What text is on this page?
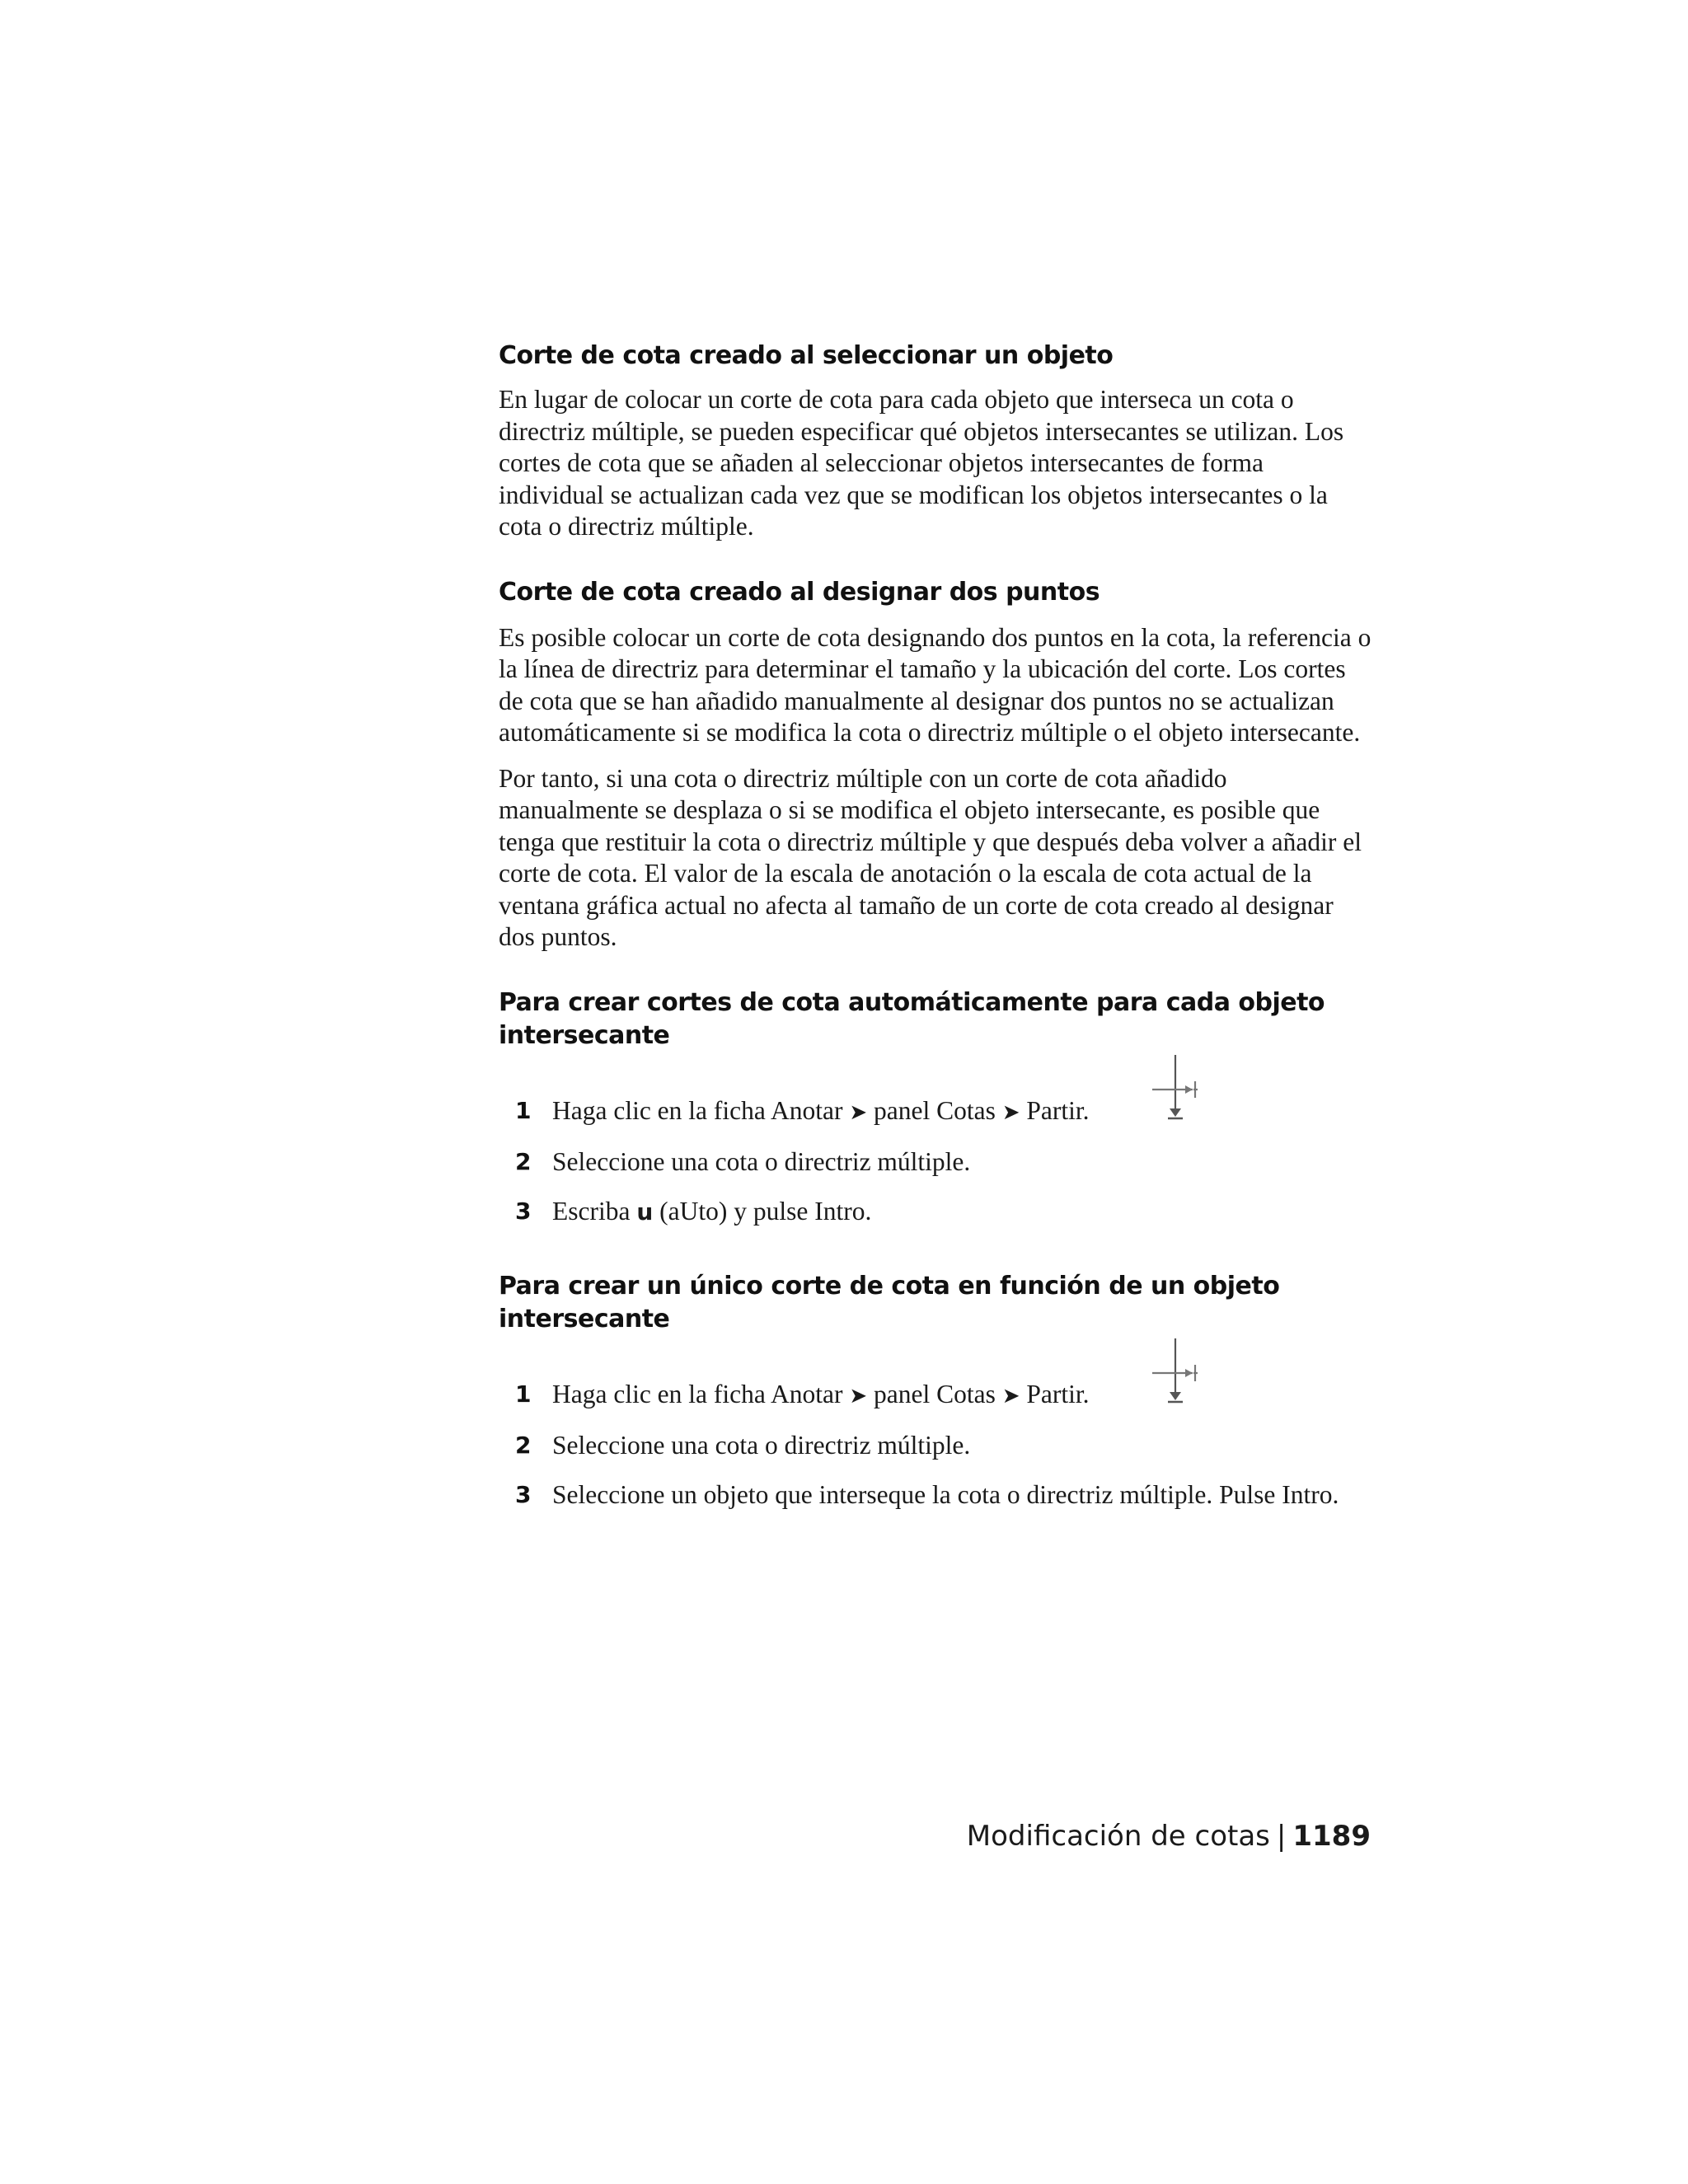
Corte de cota creado al seleccionar un objeto

En lugar de colocar un corte de cota para cada objeto que interseca un cota o directriz múltiple, se pueden especificar qué objetos intersecantes se utilizan. Los cortes de cota que se añaden al seleccionar objetos intersecantes de forma individual se actualizan cada vez que se modifican los objetos intersecantes o la cota o directriz múltiple.

Corte de cota creado al designar dos puntos

Es posible colocar un corte de cota designando dos puntos en la cota, la referencia o la línea de directriz para determinar el tamaño y la ubicación del corte. Los cortes de cota que se han añadido manualmente al designar dos puntos no se actualizan automáticamente si se modifica la cota o directriz múltiple o el objeto intersecante.

Por tanto, si una cota o directriz múltiple con un corte de cota añadido manualmente se desplaza o si se modifica el objeto intersecante, es posible que tenga que restituir la cota o directriz múltiple y que después deba volver a añadir el corte de cota. El valor de la escala de anotación o la escala de cota actual de la ventana gráfica actual no afecta al tamaño de un corte de cota creado al designar dos puntos.

Para crear cortes de cota automáticamente para cada objeto intersecante
1 Haga clic en la ficha Anotar ➤ panel Cotas ➤ Partir.
2 Seleccione una cota o directriz múltiple.
3 Escriba u (aUto) y pulse Intro.
Para crear un único corte de cota en función de un objeto intersecante
1 Haga clic en la ficha Anotar ➤ panel Cotas ➤ Partir.
2 Seleccione una cota o directriz múltiple.
3 Seleccione un objeto que interseque la cota o directriz múltiple. Pulse Intro.
Modificación de cotas | 1189
